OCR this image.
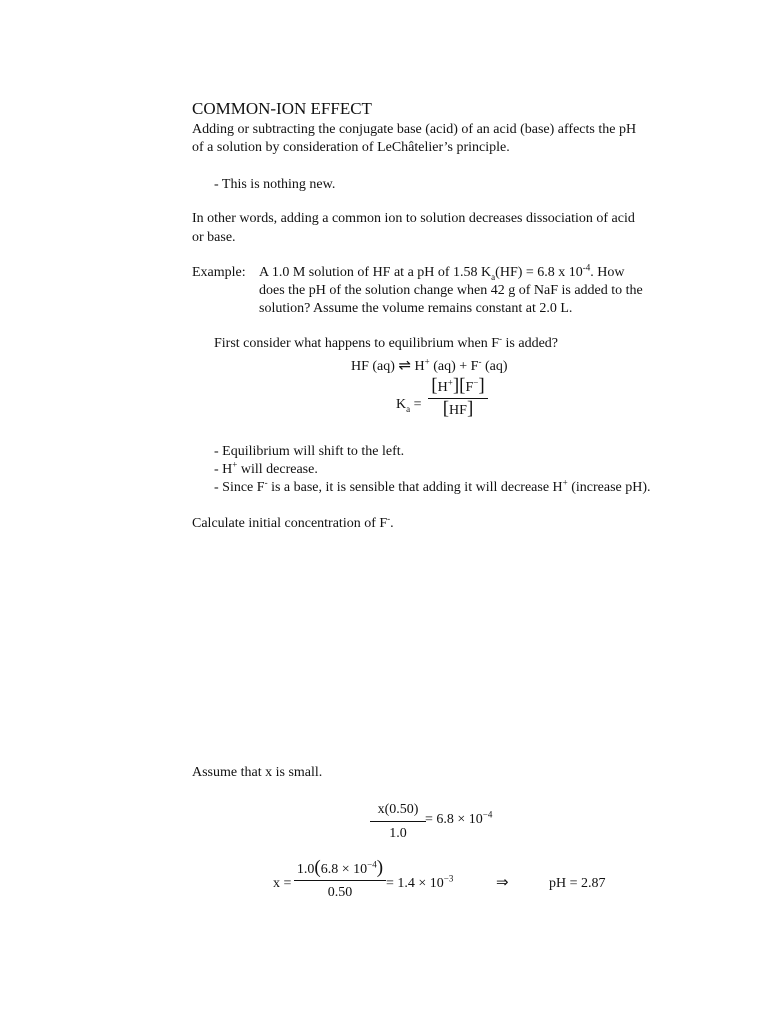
COMMON-ION EFFECT
Adding or subtracting the conjugate base (acid) of an acid (base) affects the pH
of a solution by consideration of LeChâtelier’s principle.
- This is nothing new.
In other words, adding a common ion to solution decreases dissociation of acid
or base.
Example: A 1.0 M solution of HF at a pH of 1.58 $K_a(HF) = 6.8$ x $10^{-4}$. How
does the pH of the solution change when 42 g of NaF is added to the
solution? Assume the volume remains constant at 2.0 L.
First consider what happens to equilibrium when F- is added?
HF (aq) ⇌ H+ (aq) + F- (aq)
$K_a$ =
[H+][F−]
[HF]
- Equilibrium will shift to the left.
- H+ will decrease.
- Since F- is a base, it is sensible that adding it will decrease H+ (increase pH).
Calculate initial concentration of F-.
Assume that x is small.
x(0.50)
1.0
= $6.8 \times 10^{-4}$
x =
$1.0(6.8 \times 10^{-4})$
0.50
= $1.4 \times 10^{-3}$	⇒	pH = 2.87
